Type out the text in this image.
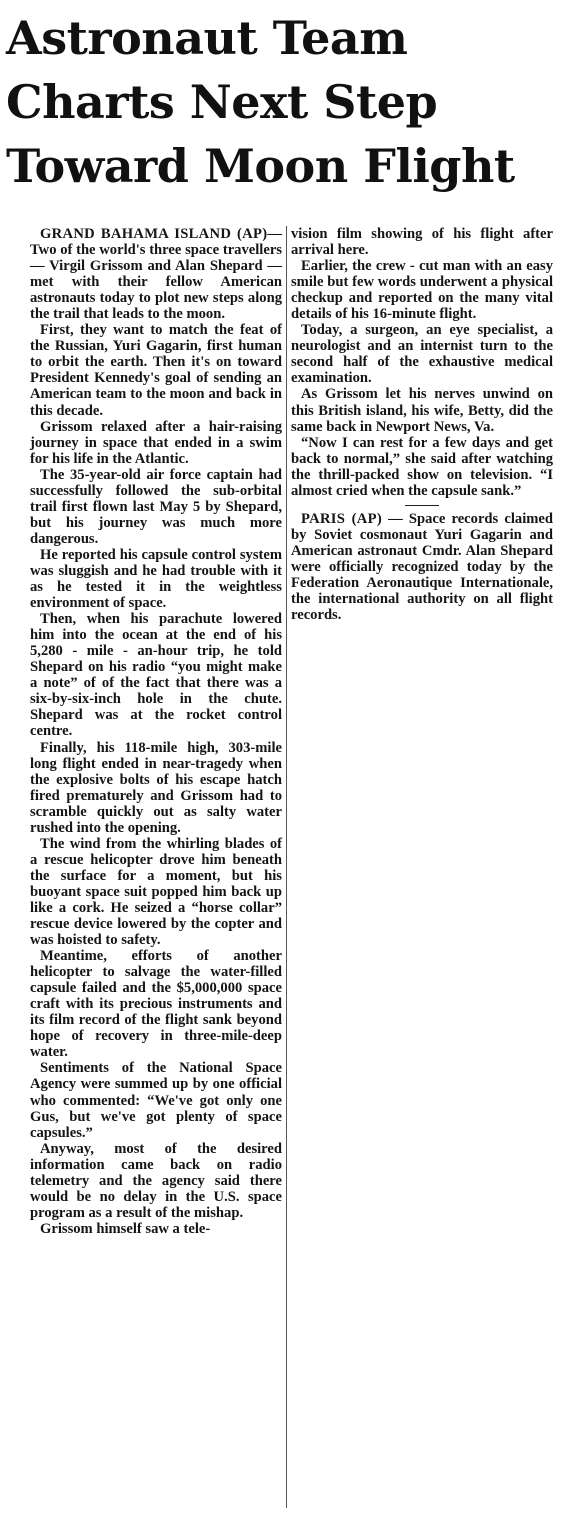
Astronaut Team
Charts Next Step
Toward Moon Flight

GRAND BAHAMA ISLAND (AP)—Two of the world's three space travellers — Virgil Grissom and Alan Shepard — met with their fellow American astronauts today to plot new steps along the trail that leads to the moon.

First, they want to match the feat of the Russian, Yuri Gagarin, first human to orbit the earth. Then it's on toward President Kennedy's goal of sending an American team to the moon and back in this decade.

Grissom relaxed after a hair-raising journey in space that ended in a swim for his life in the Atlantic.

The 35-year-old air force captain had successfully followed the sub-orbital trail first flown last May 5 by Shepard, but his journey was much more dangerous.

He reported his capsule control system was sluggish and he had trouble with it as he tested it in the weightless environment of space.

Then, when his parachute lowered him into the ocean at the end of his 5,280 - mile - an-hour trip, he told Shepard on his radio “you might make a note” of of the fact that there was a six-by-six-inch hole in the chute. Shepard was at the rocket control centre.

Finally, his 118-mile high, 303-mile long flight ended in near-tragedy when the explosive bolts of his escape hatch fired prematurely and Grissom had to scramble quickly out as salty water rushed into the opening.

The wind from the whirling blades of a rescue helicopter drove him beneath the surface for a moment, but his buoyant space suit popped him back up like a cork. He seized a “horse collar” rescue device lowered by the copter and was hoisted to safety.

Meantime, efforts of another helicopter to salvage the water-filled capsule failed and the $5,000,000 space craft with its precious instruments and its film record of the flight sank beyond hope of recovery in three-mile-deep water.

Sentiments of the National Space Agency were summed up by one official who commented: “We've got only one Gus, but we've got plenty of space capsules.”

Anyway, most of the desired information came back on radio telemetry and the agency said there would be no delay in the U.S. space program as a result of the mishap.

Grissom himself saw a tele-

vision film showing of his flight after arrival here.

Earlier, the crew - cut man with an easy smile but few words underwent a physical checkup and reported on the many vital details of his 16-minute flight.

Today, a surgeon, an eye specialist, a neurologist and an internist turn to the second half of the exhaustive medical examination.

As Grissom let his nerves unwind on this British island, his wife, Betty, did the same back in Newport News, Va.

“Now I can rest for a few days and get back to normal,” she said after watching the thrill-packed show on television. “I almost cried when the capsule sank.”

PARIS (AP) — Space records claimed by Soviet cosmonaut Yuri Gagarin and American astronaut Cmdr. Alan Shepard were officially recognized today by the Federation Aeronautique Internationale, the international authority on all flight records.
